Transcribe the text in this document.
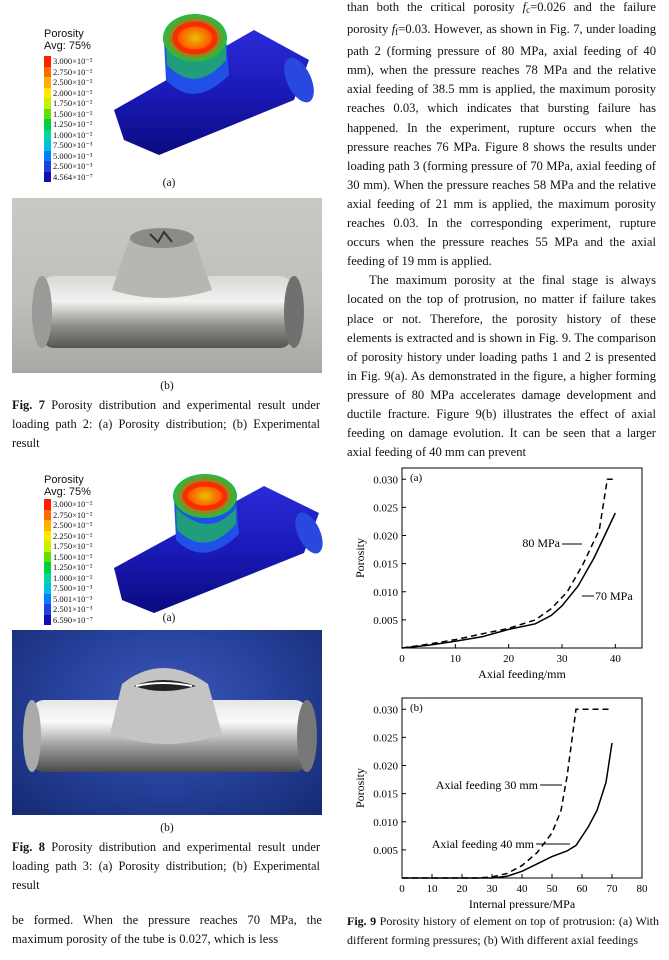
Porosity
Avg: 75%
3.000×10⁻²
2.750×10⁻²
2.500×10⁻²
2.000×10⁻²
1.750×10⁻²
1.500×10⁻²
1.250×10⁻²
1.000×10⁻²
7.500×10⁻³
5.000×10⁻³
2.500×10⁻³
4.564×10⁻⁷
(a)
(b)
Fig. 7 Porosity distribution and experimental result under loading path 2: (a) Porosity distribution; (b) Experimental result
Porosity
Avg: 75%
3.000×10⁻²
2.750×10⁻²
2.500×10⁻²
2.250×10⁻²
1.750×10⁻²
1.500×10⁻²
1.250×10⁻²
1.000×10⁻²
7.500×10⁻³
5.001×10⁻³
2.501×10⁻³
6.590×10⁻⁷	(a)
(b)
Fig. 8 Porosity distribution and experimental result under loading path 3: (a) Porosity distribution; (b) Experimental result

be formed. When the pressure reaches 70 MPa, the maximum porosity of the tube is 0.027, which is less

than both the critical porosity $f_c=0.026$ and the failure porosity $f_f=0.03$. However, as shown in Fig. 7, under loading path 2 (forming pressure of 80 MPa, axial feeding of 40 mm), when the pressure reaches 78 MPa and the relative axial feeding of 38.5 mm is applied, the maximum porosity reaches 0.03, which indicates that bursting failure has happened. In the experiment, rupture occurs when the pressure reaches 76 MPa. Figure 8 shows the results under loading path 3 (forming pressure of 70 MPa, axial feeding of 30 mm). When the pressure reaches 58 MPa and the relative axial feeding of 21 mm is applied, the maximum porosity reaches 0.03. In the corresponding experiment, rupture occurs when the pressure reaches 55 MPa and the axial feeding of 19 mm is applied.

The maximum porosity at the final stage is always located on the top of protrusion, no matter if failure takes place or not. Therefore, the porosity history of these elements is extracted and is shown in Fig. 9. The comparison of porosity history under loading paths 1 and 2 is presented in Fig. 9(a). As demonstrated in the figure, a higher forming pressure of 80 MPa accelerates damage development and ductile fracture. Figure 9(b) illustrates the effect of axial feeding on damage evolution. It can be seen that a larger axial feeding of 40 mm can prevent

(a)
0	10	20	30	40
0.005
0.010
0.015
0.020
0.025
0.030
Axial feeding/mm
Porosity	80 MPa
70 MPa
(b)
0 10 20 30 40 50 60 70 80
0.005
0.010
0.015
0.020
0.025
0.030
Internal pressure/MPa
Porosity	Axial feeding 30 mm
Axial feeding 40 mm
Fig. 9 Porosity history of element on top of protrusion: (a) With different forming pressures; (b) With different axial feedings
